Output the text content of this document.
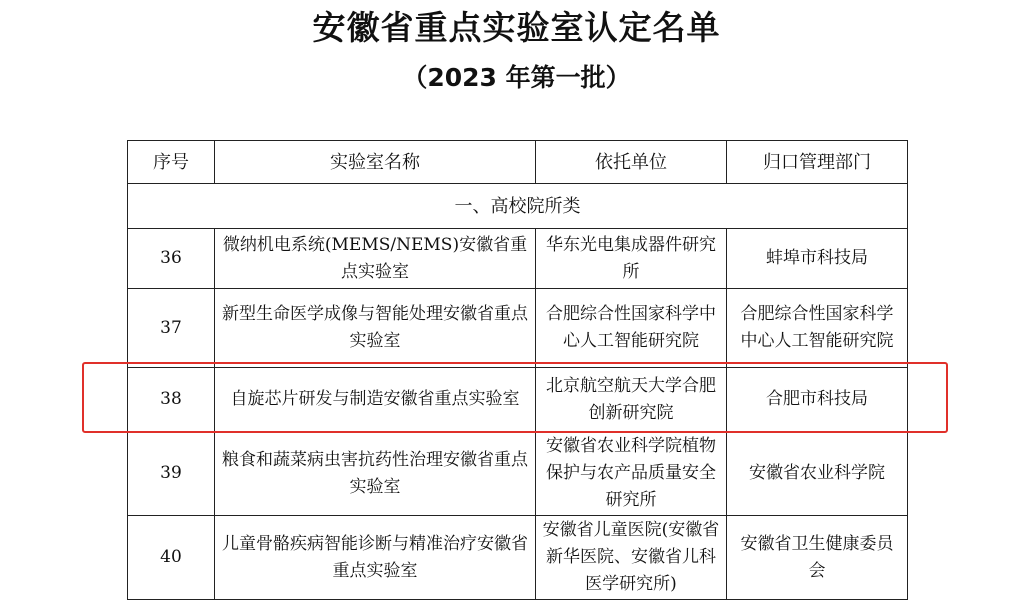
安徽省重点实验室认定名单
（2023 年第一批）
序号	实验室名称	依托单位	归口管理部门
一、高校院所类			
36	微纳机电系统(MEMS/NEMS)安徽省重点实验室	华东光电集成器件研究所	蚌埠市科技局
37	新型生命医学成像与智能处理安徽省重点实验室	合肥综合性国家科学中心人工智能研究院	合肥综合性国家科学中心人工智能研究院
38	自旋芯片研发与制造安徽省重点实验室	北京航空航天大学合肥创新研究院	合肥市科技局
39	粮食和蔬菜病虫害抗药性治理安徽省重点实验室	安徽省农业科学院植物保护与农产品质量安全研究所	安徽省农业科学院
40	儿童骨骼疾病智能诊断与精准治疗安徽省重点实验室	安徽省儿童医院(安徽省新华医院、安徽省儿科医学研究所)	安徽省卫生健康委员会
